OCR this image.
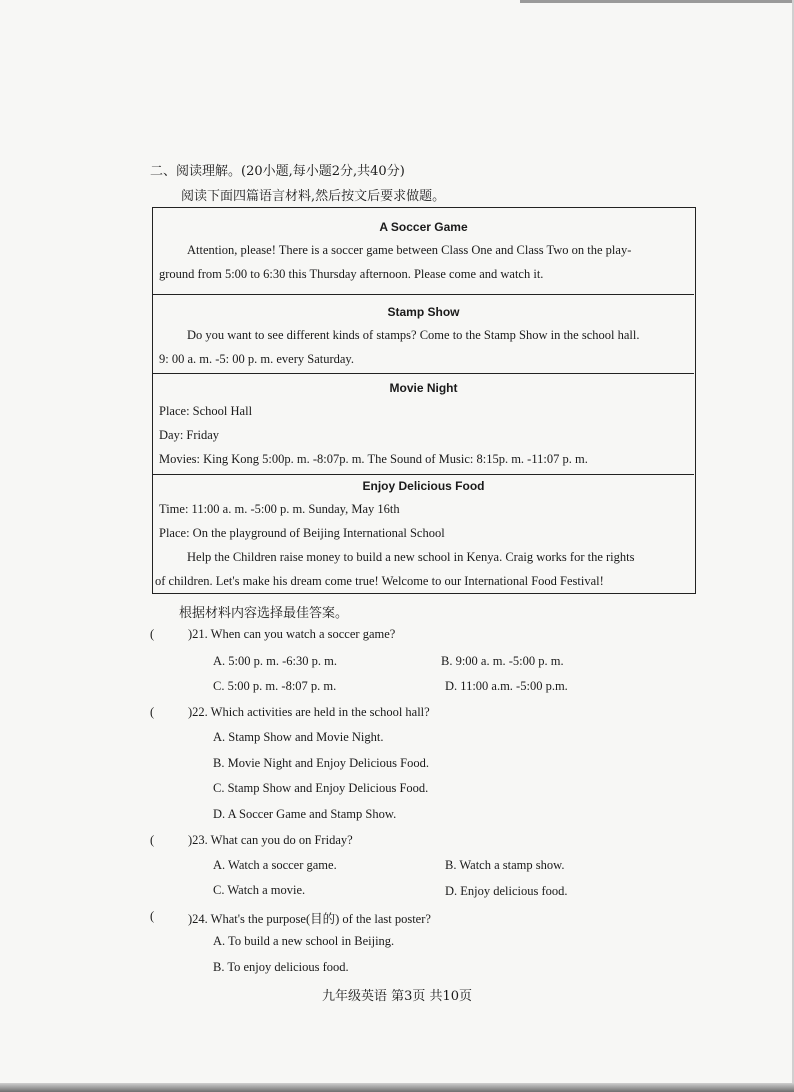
二、阅读理解。(20小题,每小题2分,共40分)
阅读下面四篇语言材料,然后按文后要求做题。
A Soccer Game
Attention, please! There is a soccer game between Class One and Class Two on the play-
ground from 5:00 to 6:30 this Thursday afternoon. Please come and watch it.
Stamp Show
Do you want to see different kinds of stamps? Come to the Stamp Show in the school hall.
9: 00 a. m. -5: 00 p. m. every Saturday.
Movie Night
Place: School Hall
Day: Friday
Movies: King Kong 5:00p. m. -8:07p. m. The Sound of Music: 8:15p. m. -11:07 p. m.
Enjoy Delicious Food
Time: 11:00 a. m. -5:00 p. m. Sunday, May 16th
Place: On the playground of Beijing International School
Help the Children raise money to build a new school in Kenya. Craig works for the rights
of children. Let's make his dream come true! Welcome to our International Food Festival!
根据材料内容选择最佳答案。
(	)21. When can you watch a soccer game?
A. 5:00 p. m. -6:30 p. m.	B. 9:00 a. m. -5:00 p. m.
C. 5:00 p. m. -8:07 p. m.	D. 11:00 a.m. -5:00 p.m.
(	)22. Which activities are held in the school hall?
A. Stamp Show and Movie Night.
B. Movie Night and Enjoy Delicious Food.
C. Stamp Show and Enjoy Delicious Food.
D. A Soccer Game and Stamp Show.
(	)23. What can you do on Friday?
A. Watch a soccer game.	B. Watch a stamp show.
C. Watch a movie.	D. Enjoy delicious food.
(	)24. What's the purpose(目的) of the last poster?
A. To build a new school in Beijing.
B. To enjoy delicious food.
九年级英语 第3页 共10页
